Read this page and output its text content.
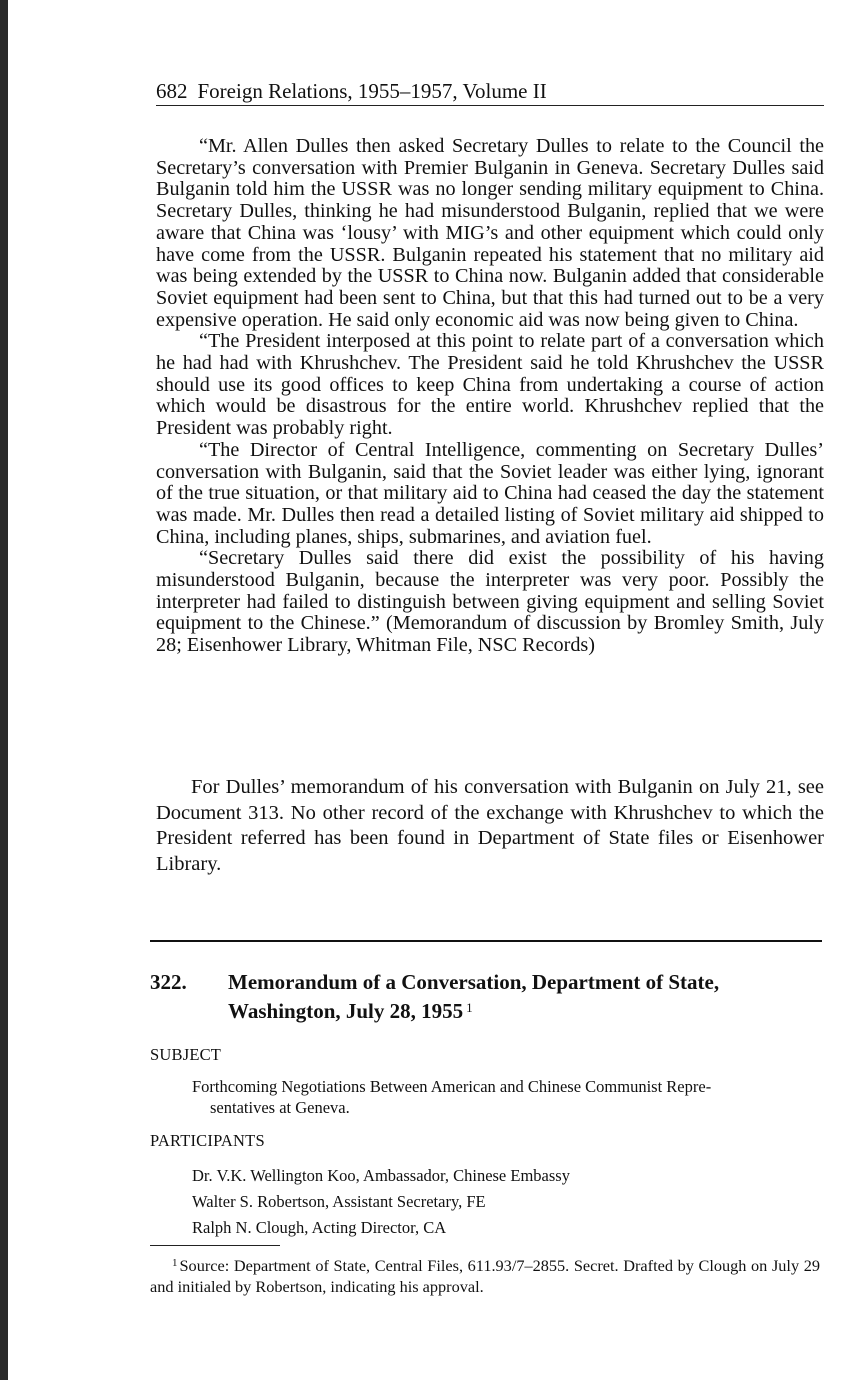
682 Foreign Relations, 1955–1957, Volume II

“Mr. Allen Dulles then asked Secretary Dulles to relate to the Council the Secretary’s conversation with Premier Bulganin in Geneva. Secretary Dulles said Bulganin told him the USSR was no longer sending military equipment to China. Secretary Dulles, thinking he had misunderstood Bulganin, replied that we were aware that China was ‘lousy’ with MIG’s and other equipment which could only have come from the USSR. Bulganin repeated his statement that no military aid was being extended by the USSR to China now. Bulganin added that considerable Soviet equipment had been sent to China, but that this had turned out to be a very expensive operation. He said only economic aid was now being given to China.

“The President interposed at this point to relate part of a conversation which he had had with Khrushchev. The President said he told Khrushchev the USSR should use its good offices to keep China from undertaking a course of action which would be disastrous for the entire world. Khrushchev replied that the President was probably right.

“The Director of Central Intelligence, commenting on Secretary Dulles’ conversation with Bulganin, said that the Soviet leader was either lying, ignorant of the true situation, or that military aid to China had ceased the day the statement was made. Mr. Dulles then read a detailed listing of Soviet military aid shipped to China, including planes, ships, submarines, and aviation fuel.

“Secretary Dulles said there did exist the possibility of his having misunderstood Bulganin, because the interpreter was very poor. Possibly the interpreter had failed to distinguish between giving equipment and selling Soviet equipment to the Chinese.” (Memorandum of discussion by Bromley Smith, July 28; Eisenhower Library, Whitman File, NSC Records)

For Dulles’ memorandum of his conversation with Bulganin on July 21, see Document 313. No other record of the exchange with Khrushchev to which the President referred has been found in Department of State files or Eisenhower Library.

322. Memorandum of a Conversation, Department of State,
Washington, July 28, 1955 $^1$
SUBJECT
Forthcoming Negotiations Between American and Chinese Communist Repre-
sentatives at Geneva.
PARTICIPANTS
Dr. V.K. Wellington Koo, Ambassador, Chinese Embassy
Walter S. Robertson, Assistant Secretary, FE
Ralph N. Clough, Acting Director, CA
$^1$ Source: Department of State, Central Files, 611.93/7–2855. Secret. Drafted by Clough on July 29 and initialed by Robertson, indicating his approval.
